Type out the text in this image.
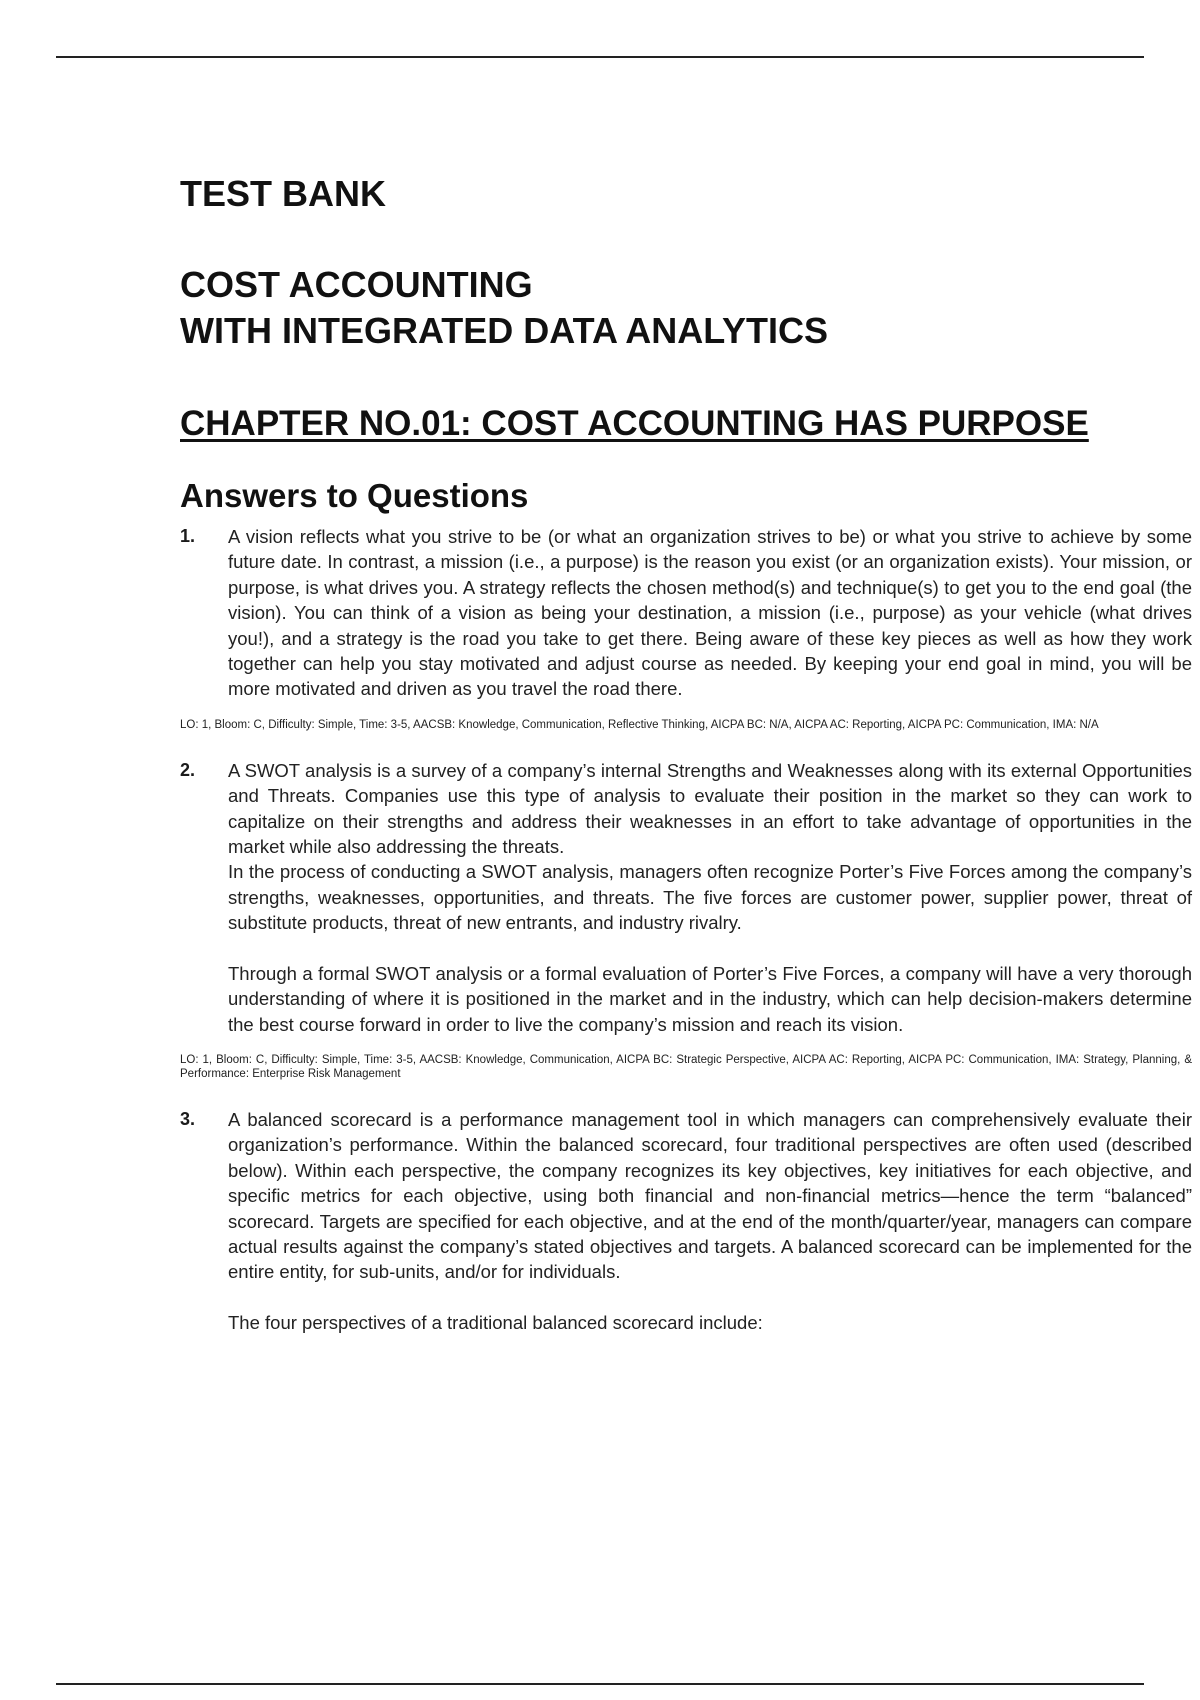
TEST BANK
COST ACCOUNTING
WITH INTEGRATED DATA ANALYTICS
CHAPTER NO.01: COST ACCOUNTING HAS PURPOSE
Answers to Questions
1. A vision reflects what you strive to be (or what an organization strives to be) or what you strive to achieve by some future date. In contrast, a mission (i.e., a purpose) is the reason you exist (or an organization exists). Your mission, or purpose, is what drives you. A strategy reflects the chosen method(s) and technique(s) to get you to the end goal (the vision). You can think of a vision as being your destination, a mission (i.e., purpose) as your vehicle (what drives you!), and a strategy is the road you take to get there. Being aware of these key pieces as well as how they work together can help you stay motivated and adjust course as needed. By keeping your end goal in mind, you will be more motivated and driven as you travel the road there.

LO: 1, Bloom: C, Difficulty: Simple, Time: 3-5, AACSB: Knowledge, Communication, Reflective Thinking, AICPA BC: N/A, AICPA AC: Reporting, AICPA PC: Communication, IMA: N/A
2. A SWOT analysis is a survey of a company’s internal Strengths and Weaknesses along with its external Opportunities and Threats. Companies use this type of analysis to evaluate their position in the market so they can work to capitalize on their strengths and address their weaknesses in an effort to take advantage of opportunities in the market while also addressing the threats.

In the process of conducting a SWOT analysis, managers often recognize Porter’s Five Forces among the company’s strengths, weaknesses, opportunities, and threats. The five forces are customer power, supplier power, threat of substitute products, threat of new entrants, and industry rivalry.

Through a formal SWOT analysis or a formal evaluation of Porter’s Five Forces, a company will have a very thorough understanding of where it is positioned in the market and in the industry, which can help decision-makers determine the best course forward in order to live the company’s mission and reach its vision.

LO: 1, Bloom: C, Difficulty: Simple, Time: 3-5, AACSB: Knowledge, Communication, AICPA BC: Strategic Perspective, AICPA AC: Reporting, AICPA PC: Communication, IMA: Strategy, Planning, & Performance: Enterprise Risk Management
3. A balanced scorecard is a performance management tool in which managers can comprehensively evaluate their organization’s performance. Within the balanced scorecard, four traditional perspectives are often used (described below). Within each perspective, the company recognizes its key objectives, key initiatives for each objective, and specific metrics for each objective, using both financial and non-financial metrics—hence the term “balanced” scorecard. Targets are specified for each objective, and at the end of the month/quarter/year, managers can compare actual results against the company’s stated objectives and targets. A balanced scorecard can be implemented for the entire entity, for sub-units, and/or for individuals.

The four perspectives of a traditional balanced scorecard include:
